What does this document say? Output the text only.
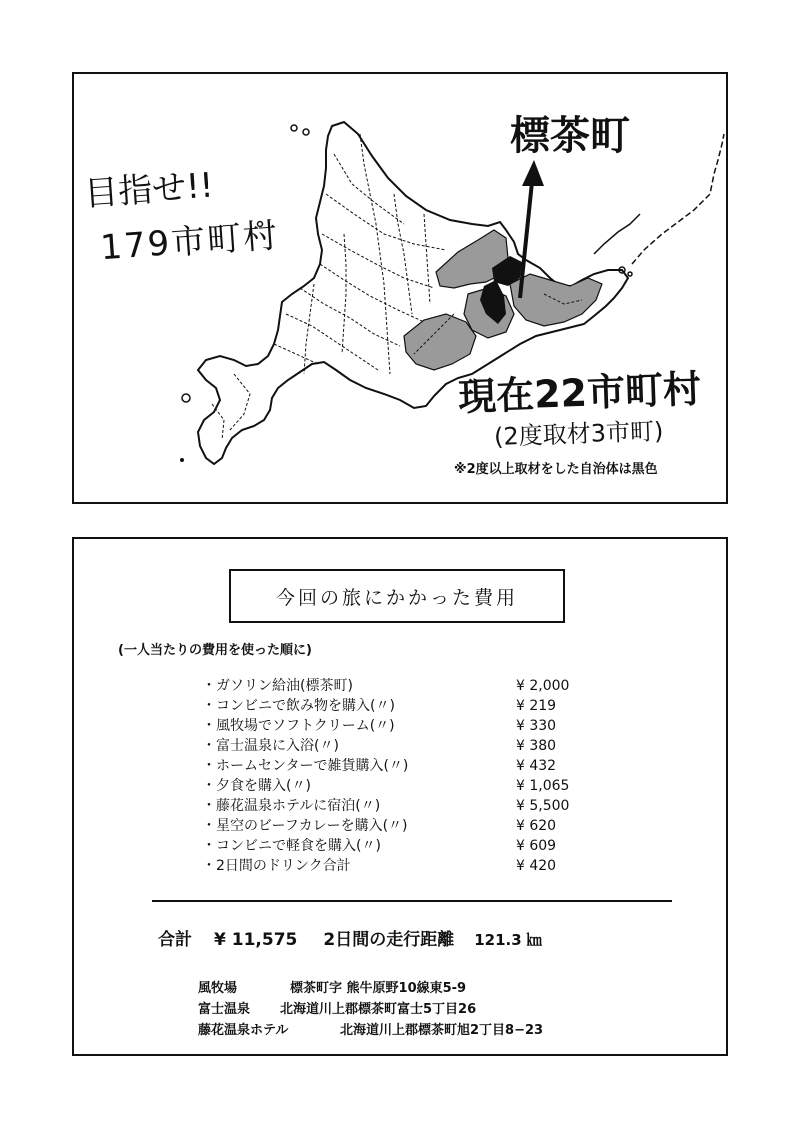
目指せ!!
179市町村
標茶町
現在22市町村
(2度取材3市町)
※2度以上取材をした自治体は黒色
今回の旅にかかった費用
(一人当たりの費用を使った順に)
・ガソリン給油(標茶町)	¥ 2,000
・コンビニで飲み物を購入(〃)	¥ 219
・風牧場でソフトクリーム(〃)	¥ 330
・富士温泉に入浴(〃)	¥ 380
・ホームセンターで雑貨購入(〃)	¥ 432
・夕食を購入(〃)	¥ 1,065
・藤花温泉ホテルに宿泊(〃)	¥ 5,500
・星空のビーフカレーを購入(〃)	¥ 620
・コンビニで軽食を購入(〃)	¥ 609
・2日間のドリンク合計	¥ 420
合計 ¥ 11,575 2日間の走行距離 121.3 ㎞
風牧場	標茶町字 熊牛原野10線東5-9
富士温泉 北海道川上郡標茶町富士5丁目26
藤花温泉ホテル	北海道川上郡標茶町旭2丁目8−23
